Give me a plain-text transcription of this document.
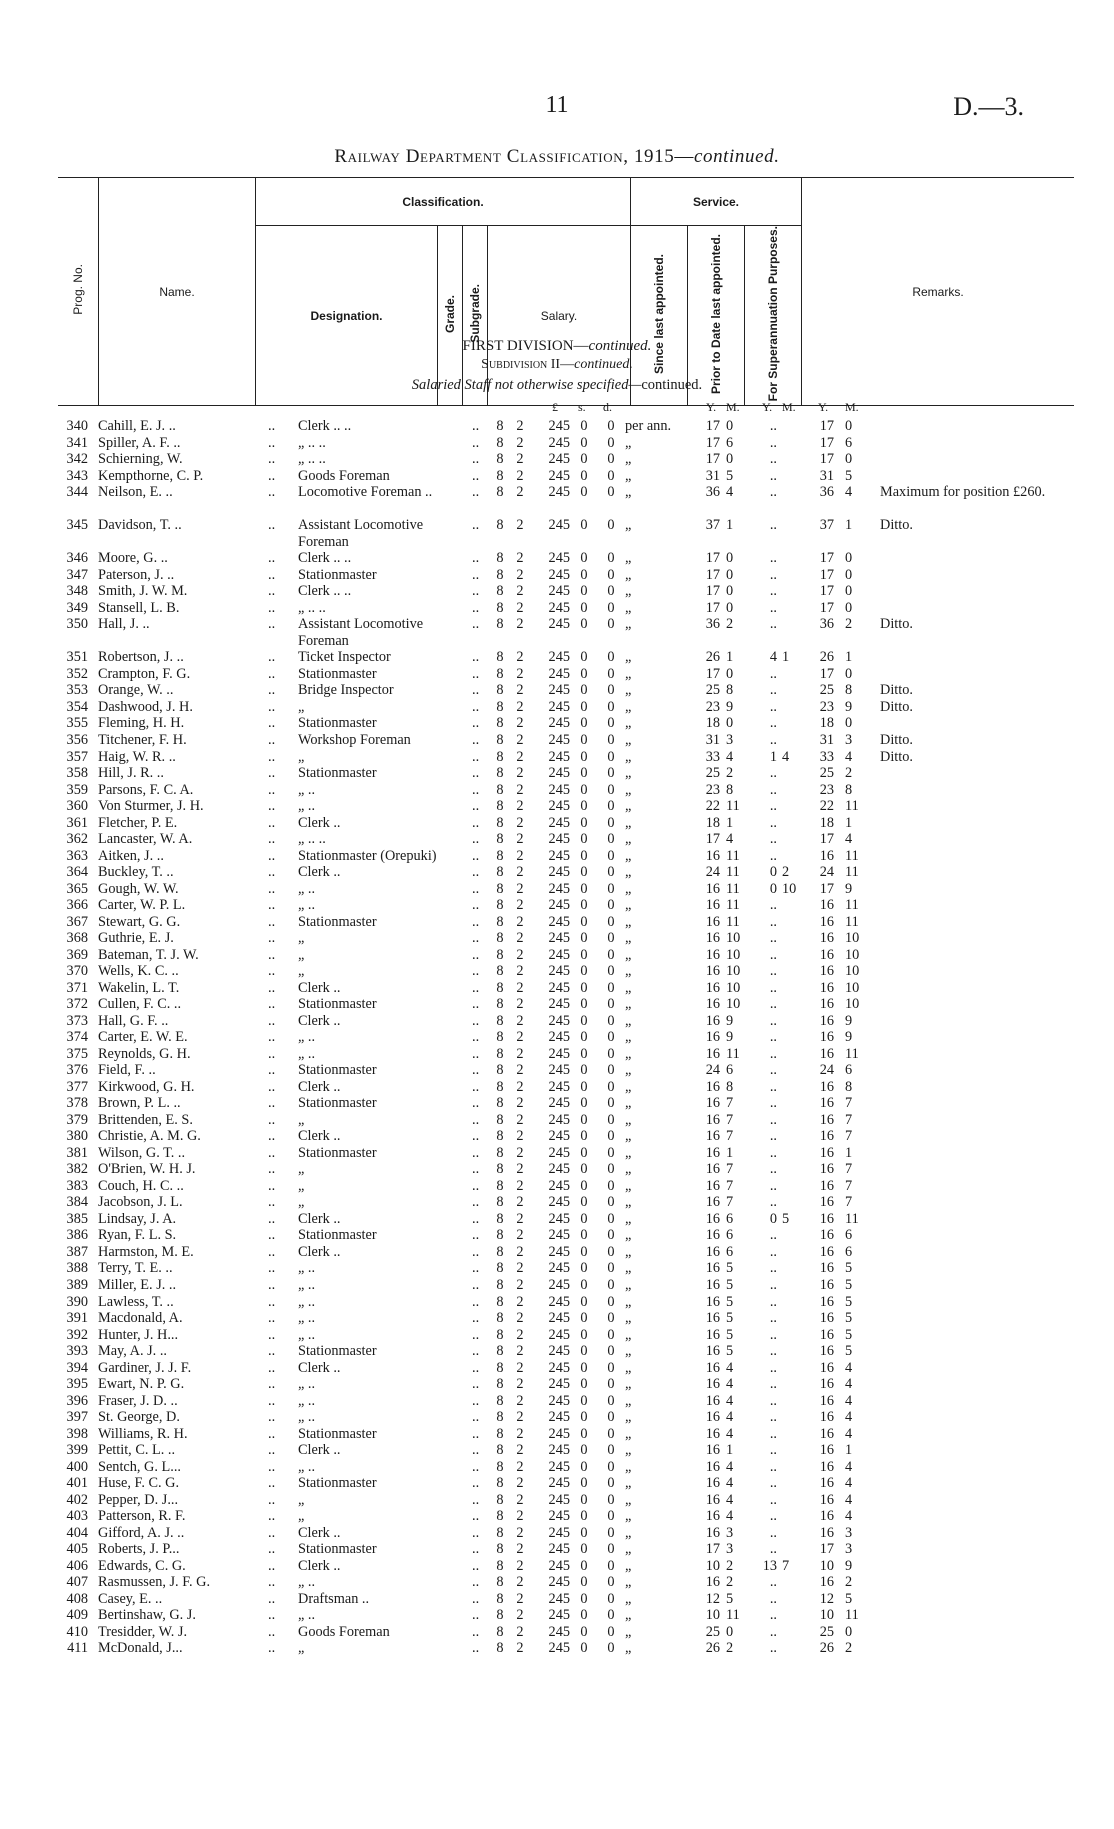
11	D.—3.
Railway Department Classification, 1915—continued.
Prog. No.	Name.	Classification.				Service.			Remarks.
		Designation.	Grade.	Subgrade.	Salary.	Since last appointed.	Prior to Date last appointed.	For Superannuation Purposes.	
FIRST DIVISION—continued.
Subdivision II—continued.
Salaried Staff not otherwise specified—continued.
£ s. d.	Y. M. Y. M. Y. M.
340 Cahill, E. J. ..	.. Clerk .. ..	.. 8 2	245 0 0 per ann.	17 0	..	17 0
341 Spiller, A. F. ..	.. „ .. ..	.. 8 2	245 0 0 „	17 6	..	17 6
342 Schierning, W.	.. „ .. ..	.. 8 2	245 0 0 „	17 0	..	17 0
343 Kempthorne, C. P.	.. Goods Foreman	.. 8 2	245 0 0 „	31 5	..	31 5
344 Neilson, E. ..	.. Locomotive Foreman ..	.. 8 2	245 0 0 „	36 4	..	36 4	Maximum for position £260.
345 Davidson, T. ..	.. Assistant Locomotive Foreman
.. 8 2	245 0 0 „	37 1	..	37 1	Ditto.
346 Moore, G. ..	.. Clerk .. ..	.. 8 2	245 0 0 „	17 0	..	17 0
347 Paterson, J. ..	.. Stationmaster	.. 8 2	245 0 0 „	17 0	..	17 0
348 Smith, J. W. M.	.. Clerk .. ..	.. 8 2	245 0 0 „	17 0	..	17 0
349 Stansell, L. B.	.. „ .. ..	.. 8 2	245 0 0 „	17 0	..	17 0
350 Hall, J. ..	.. Assistant Locomotive Foreman
.. 8 2	245 0 0 „	36 2	..	36 2	Ditto.
351 Robertson, J. ..	.. Ticket Inspector	.. 8 2	245 0 0 „	26 1	4 1	26 1
352 Crampton, F. G.	.. Stationmaster	.. 8 2	245 0 0 „	17 0	..	17 0
353 Orange, W. ..	.. Bridge Inspector	.. 8 2	245 0 0 „	25 8	..	25 8	Ditto.
354 Dashwood, J. H.	.. „	.. 8 2	245 0 0 „	23 9	..	23 9	Ditto.
355 Fleming, H. H.	.. Stationmaster	.. 8 2	245 0 0 „	18 0	..	18 0
356 Titchener, F. H.	.. Workshop Foreman	.. 8 2	245 0 0 „	31 3	..	31 3	Ditto.
357 Haig, W. R. ..	.. „	.. 8 2	245 0 0 „	33 4	1 4	33 4	Ditto.
358 Hill, J. R. ..	.. Stationmaster	.. 8 2	245 0 0 „	25 2	..	25 2
359 Parsons, F. C. A.	.. „ ..	.. 8 2	245 0 0 „	23 8	..	23 8
360 Von Sturmer, J. H.	.. „ ..	.. 8 2	245 0 0 „	22 11	..	22 11
361 Fletcher, P. E.	.. Clerk ..	.. 8 2	245 0 0 „	18 1	..	18 1
362 Lancaster, W. A.	.. „ .. ..	.. 8 2	245 0 0 „	17 4	..	17 4
363 Aitken, J. ..	.. Stationmaster (Orepuki)	.. 8 2	245 0 0 „	16 11	..	16 11
364 Buckley, T. ..	.. Clerk ..	.. 8 2	245 0 0 „	24 11	0 2	24 11
365 Gough, W. W.	.. „ ..	.. 8 2	245 0 0 „	16 11	0 10	17 9
366 Carter, W. P. L.	.. „ ..	.. 8 2	245 0 0 „	16 11	..	16 11
367 Stewart, G. G.	.. Stationmaster	.. 8 2	245 0 0 „	16 11	..	16 11
368 Guthrie, E. J.	.. „	.. 8 2	245 0 0 „	16 10	..	16 10
369 Bateman, T. J. W.	.. „	.. 8 2	245 0 0 „	16 10	..	16 10
370 Wells, K. C. ..	.. „	.. 8 2	245 0 0 „	16 10	..	16 10
371 Wakelin, L. T.	.. Clerk ..	.. 8 2	245 0 0 „	16 10	..	16 10
372 Cullen, F. C. ..	.. Stationmaster	.. 8 2	245 0 0 „	16 10	..	16 10
373 Hall, G. F. ..	.. Clerk ..	.. 8 2	245 0 0 „	16 9	..	16 9
374 Carter, E. W. E.	.. „ ..	.. 8 2	245 0 0 „	16 9	..	16 9
375 Reynolds, G. H.	.. „ ..	.. 8 2	245 0 0 „	16 11	..	16 11
376 Field, F. ..	.. Stationmaster	.. 8 2	245 0 0 „	24 6	..	24 6
377 Kirkwood, G. H.	.. Clerk ..	.. 8 2	245 0 0 „	16 8	..	16 8
378 Brown, P. L. ..	.. Stationmaster	.. 8 2	245 0 0 „	16 7	..	16 7
379 Brittenden, E. S.	.. „	.. 8 2	245 0 0 „	16 7	..	16 7
380 Christie, A. M. G.	.. Clerk ..	.. 8 2	245 0 0 „	16 7	..	16 7
381 Wilson, G. T. ..	.. Stationmaster	.. 8 2	245 0 0 „	16 1	..	16 1
382 O'Brien, W. H. J.	.. „	.. 8 2	245 0 0 „	16 7	..	16 7
383 Couch, H. C. ..	.. „	.. 8 2	245 0 0 „	16 7	..	16 7
384 Jacobson, J. L.	.. „	.. 8 2	245 0 0 „	16 7	..	16 7
385 Lindsay, J. A.	.. Clerk ..	.. 8 2	245 0 0 „	16 6	0 5	16 11
386 Ryan, F. L. S.	.. Stationmaster	.. 8 2	245 0 0 „	16 6	..	16 6
387 Harmston, M. E.	.. Clerk ..	.. 8 2	245 0 0 „	16 6	..	16 6
388 Terry, T. E. ..	.. „ ..	.. 8 2	245 0 0 „	16 5	..	16 5
389 Miller, E. J. ..	.. „ ..	.. 8 2	245 0 0 „	16 5	..	16 5
390 Lawless, T. ..	.. „ ..	.. 8 2	245 0 0 „	16 5	..	16 5
391 Macdonald, A.	.. „ ..	.. 8 2	245 0 0 „	16 5	..	16 5
392 Hunter, J. H...	.. „ ..	.. 8 2	245 0 0 „	16 5	..	16 5
393 May, A. J. ..	.. Stationmaster	.. 8 2	245 0 0 „	16 5	..	16 5
394 Gardiner, J. J. F.	.. Clerk ..	.. 8 2	245 0 0 „	16 4	..	16 4
395 Ewart, N. P. G.	.. „ ..	.. 8 2	245 0 0 „	16 4	..	16 4
396 Fraser, J. D. ..	.. „ ..	.. 8 2	245 0 0 „	16 4	..	16 4
397 St. George, D.	.. „ ..	.. 8 2	245 0 0 „	16 4	..	16 4
398 Williams, R. H.	.. Stationmaster	.. 8 2	245 0 0 „	16 4	..	16 4
399 Pettit, C. L. ..	.. Clerk ..	.. 8 2	245 0 0 „	16 1	..	16 1
400 Sentch, G. L...	.. „ ..	.. 8 2	245 0 0 „	16 4	..	16 4
401 Huse, F. C. G.	.. Stationmaster	.. 8 2	245 0 0 „	16 4	..	16 4
402 Pepper, D. J...	.. „	.. 8 2	245 0 0 „	16 4	..	16 4
403 Patterson, R. F.	.. „	.. 8 2	245 0 0 „	16 4	..	16 4
404 Gifford, A. J. ..	.. Clerk ..	.. 8 2	245 0 0 „	16 3	..	16 3
405 Roberts, J. P...	.. Stationmaster	.. 8 2	245 0 0 „	17 3	..	17 3
406 Edwards, C. G.	.. Clerk ..	.. 8 2	245 0 0 „	10 2	13 7	10 9
407 Rasmussen, J. F. G.	.. „ ..	.. 8 2	245 0 0 „	16 2	..	16 2
408 Casey, E. ..	.. Draftsman ..	.. 8 2	245 0 0 „	12 5	..	12 5
409 Bertinshaw, G. J.	.. „ ..	.. 8 2	245 0 0 „	10 11	..	10 11
410 Tresidder, W. J.	.. Goods Foreman	.. 8 2	245 0 0 „	25 0	..	25 0
411 McDonald, J...	.. „	.. 8 2	245 0 0 „	26 2	..	26 2
